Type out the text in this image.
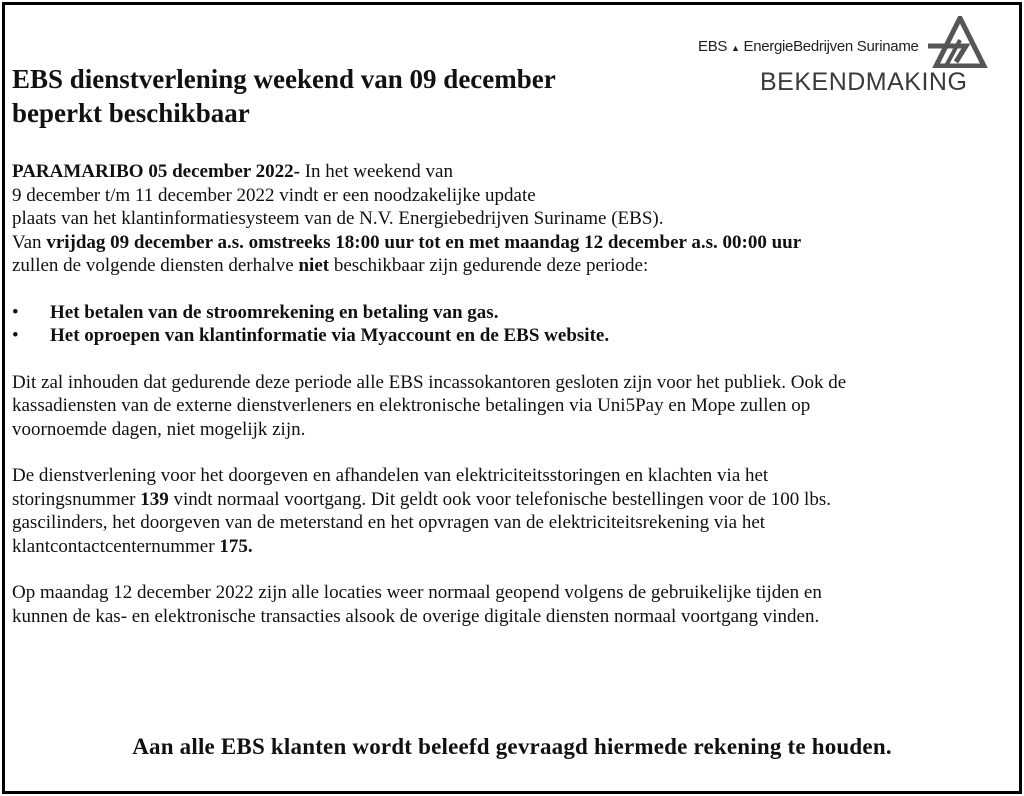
EBS ▲ EnergieBedrijven Suriname
BEKENDMAKING
EBS dienstverlening weekend van 09 december
beperkt beschikbaar

PARAMARIBO 05 december 2022- In het weekend van
9 december t/m 11 december 2022 vindt er een noodzakelijke update
plaats van het klantinformatiesysteem van de N.V. Energiebedrijven Suriname (EBS).
Van vrijdag 09 december a.s. omstreeks 18:00 uur tot en met maandag 12 december a.s. 00:00 uur
zullen de volgende diensten derhalve niet beschikbaar zijn gedurende deze periode:

• Het betalen van de stroomrekening en betaling van gas.
• Het oproepen van klantinformatie via Myaccount en de EBS website.

Dit zal inhouden dat gedurende deze periode alle EBS incassokantoren gesloten zijn voor het publiek. Ook de
kassadiensten van de externe dienstverleners en elektronische betalingen via Uni5Pay en Mope zullen op
voornoemde dagen, niet mogelijk zijn.

De dienstverlening voor het doorgeven en afhandelen van elektriciteitsstoringen en klachten via het
storingsnummer 139 vindt normaal voortgang. Dit geldt ook voor telefonische bestellingen voor de 100 lbs.
gascilinders, het doorgeven van de meterstand en het opvragen van de elektriciteitsrekening via het
klantcontactcenternummer 175.

Op maandag 12 december 2022 zijn alle locaties weer normaal geopend volgens de gebruikelijke tijden en
kunnen de kas- en elektronische transacties alsook de overige digitale diensten normaal voortgang vinden.

Aan alle EBS klanten wordt beleefd gevraagd hiermede rekening te houden.
